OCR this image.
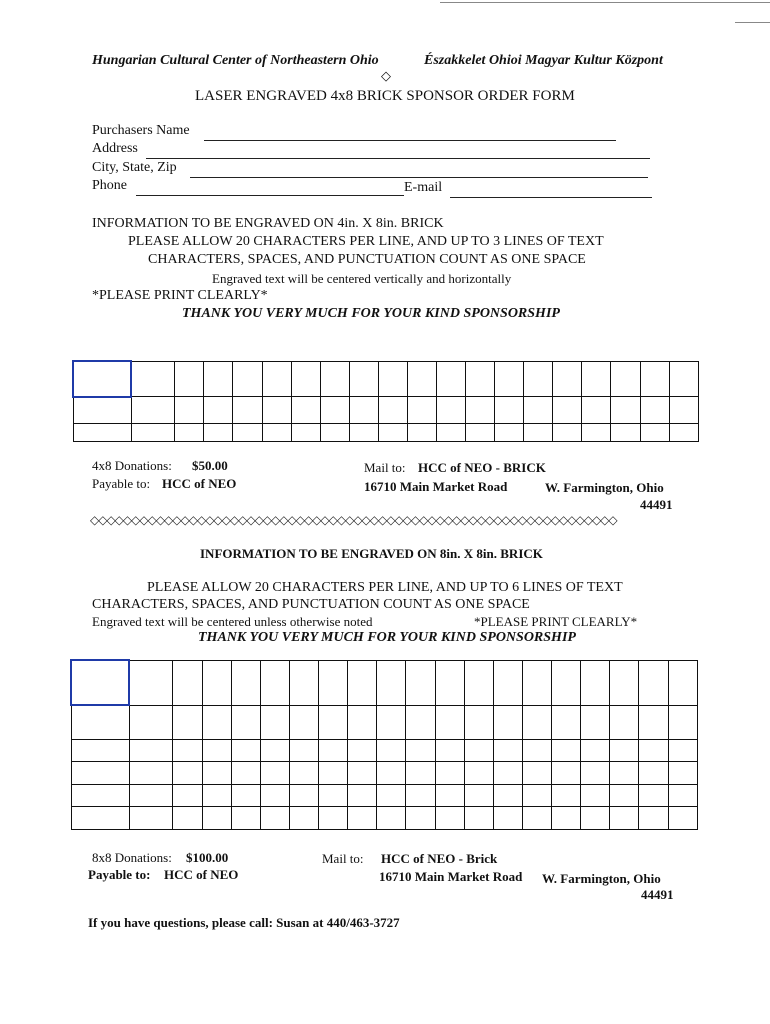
Hungarian Cultural Center of Northeastern Ohio	Északkelet Ohioi Magyar Kultur Központ
◇
LASER ENGRAVED 4x8 BRICK SPONSOR ORDER FORM
Purchasers Name
Address
City, State, Zip
Phone	E-mail
INFORMATION TO BE ENGRAVED ON 4in. X 8in. BRICK
PLEASE ALLOW 20 CHARACTERS PER LINE, AND UP TO 3 LINES OF TEXT
CHARACTERS, SPACES, AND PUNCTUATION COUNT AS ONE SPACE
Engraved text will be centered vertically and horizontally
*PLEASE PRINT CLEARLY*
THANK YOU VERY MUCH FOR YOUR KIND SPONSORSHIP

4x8 Donations: $50.00
Payable to: HCC of NEO
Mail to: HCC of NEO - BRICK
16710 Main Market Road	W. Farmington, Ohio
44491
◇◇◇◇◇◇◇◇◇◇◇◇◇◇◇◇◇◇◇◇◇◇◇◇◇◇◇◇◇◇◇◇◇◇◇◇◇◇◇◇◇◇◇◇◇◇◇◇◇◇◇◇◇◇◇◇◇◇◇◇◇◇◇◇
INFORMATION TO BE ENGRAVED ON 8in. X 8in. BRICK
PLEASE ALLOW 20 CHARACTERS PER LINE, AND UP TO 6 LINES OF TEXT
CHARACTERS, SPACES, AND PUNCTUATION COUNT AS ONE SPACE
Engraved text will be centered unless otherwise noted	*PLEASE PRINT CLEARLY*
THANK YOU VERY MUCH FOR YOUR KIND SPONSORSHIP

8x8 Donations: $100.00
Payable to: HCC of NEO
Mail to: HCC of NEO - Brick
16710 Main Market Road W. Farmington, Ohio
44491
If you have questions, please call: Susan at 440/463-3727
